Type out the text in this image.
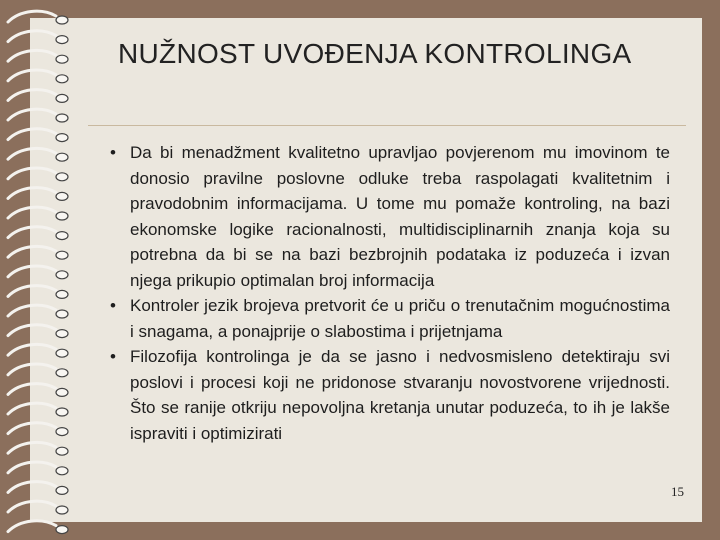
NUŽNOST UVOĐENJA KONTROLINGA
• Da bi menadžment kvalitetno upravljao povjerenom mu imovinom te donosio pravilne poslovne odluke treba raspolagati kvalitetnim i pravodobnim informacijama. U tome mu pomaže kontroling, na bazi ekonomske logike racionalnosti, multidisciplinarnih znanja koja su potrebna da bi se na bazi bezbrojnih podataka iz poduzeća i izvan njega prikupio optimalan broj informacija
• Kontroler jezik brojeva pretvorit će u priču o trenutačnim mogućnostima i snagama, a ponajprije o slabostima i prijetnjama
• Filozofija kontrolinga je da se jasno i nedvosmisleno detektiraju svi poslovi i procesi koji ne pridonose stvaranju novostvorene vrijednosti. Što se ranije otkriju nepovoljna kretanja unutar poduzeća, to ih je lakše ispraviti i optimizirati
15
